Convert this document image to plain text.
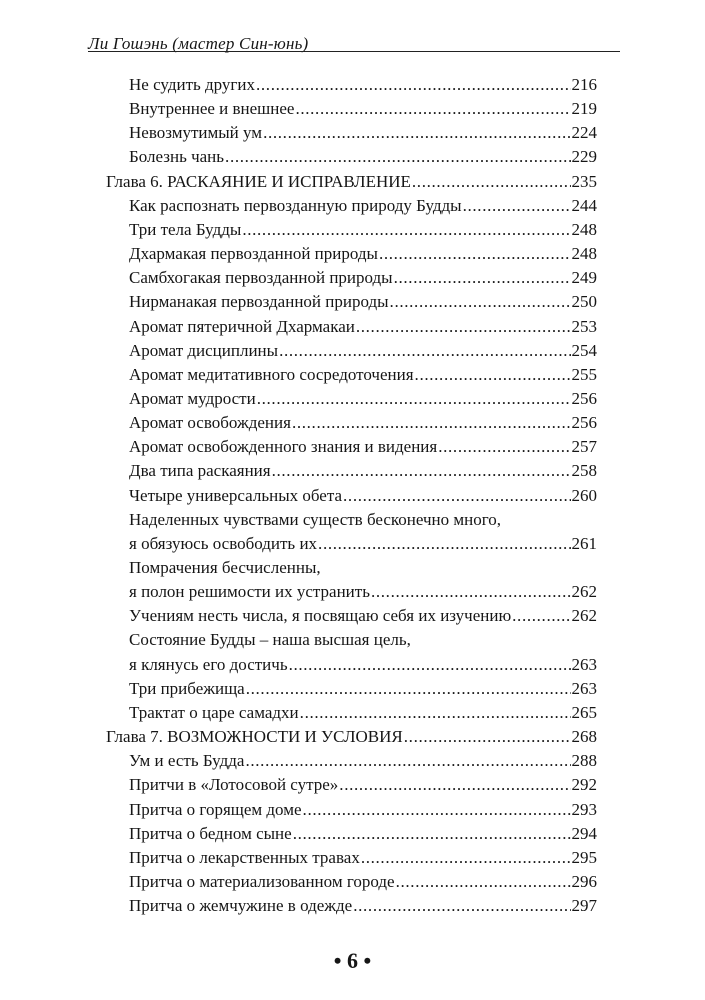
Ли Гошэнь (мастер Син-юнь)
Не судить других . . .	216
Внутреннее и внешнее . . .	219
Невозмутимый ум . . .	224
Болезнь чань . . .	229
Глава 6. РАСКАЯНИЕ И ИСПРАВЛЕНИЕ . . .	235
Как распознать первозданную природу Будды . . .	244
Три тела Будды . . .	248
Дхармакая первозданной природы . . .	248
Самбхогакая первозданной природы . . .	249
Нирманакая первозданной природы . . .	250
Аромат пятеричной Дхармакаи . . .	253
Аромат дисциплины . . .	254
Аромат медитативного сосредоточения . . .	255
Аромат мудрости . . .	256
Аромат освобождения . . .	256
Аромат освобожденного знания и видения . . .	257
Два типа раскаяния . . .	258
Четыре универсальных обета . . .	260
Наделенных чувствами существ бесконечно много,
я обязуюсь освободить их . . .	261
Помрачения бесчисленны,
я полон решимости их устранить . . .	262
Учениям несть числа, я посвящаю себя их изучению . . .	262
Состояние Будды – наша высшая цель,
я клянусь его достичь . . .	263
Три прибежища . . .	263
Трактат о царе самадхи . . .	265
Глава 7. ВОЗМОЖНОСТИ И УСЛОВИЯ . . .	268
Ум и есть Будда . . .	288
Притчи в «Лотосовой сутре» . . .	292
Притча о горящем доме . . .	293
Притча о бедном сыне . . .	294
Притча о лекарственных травах . . .	295
Притча о материализованном городе . . .	296
Притча о жемчужине в одежде . . .	297
• 6 •
